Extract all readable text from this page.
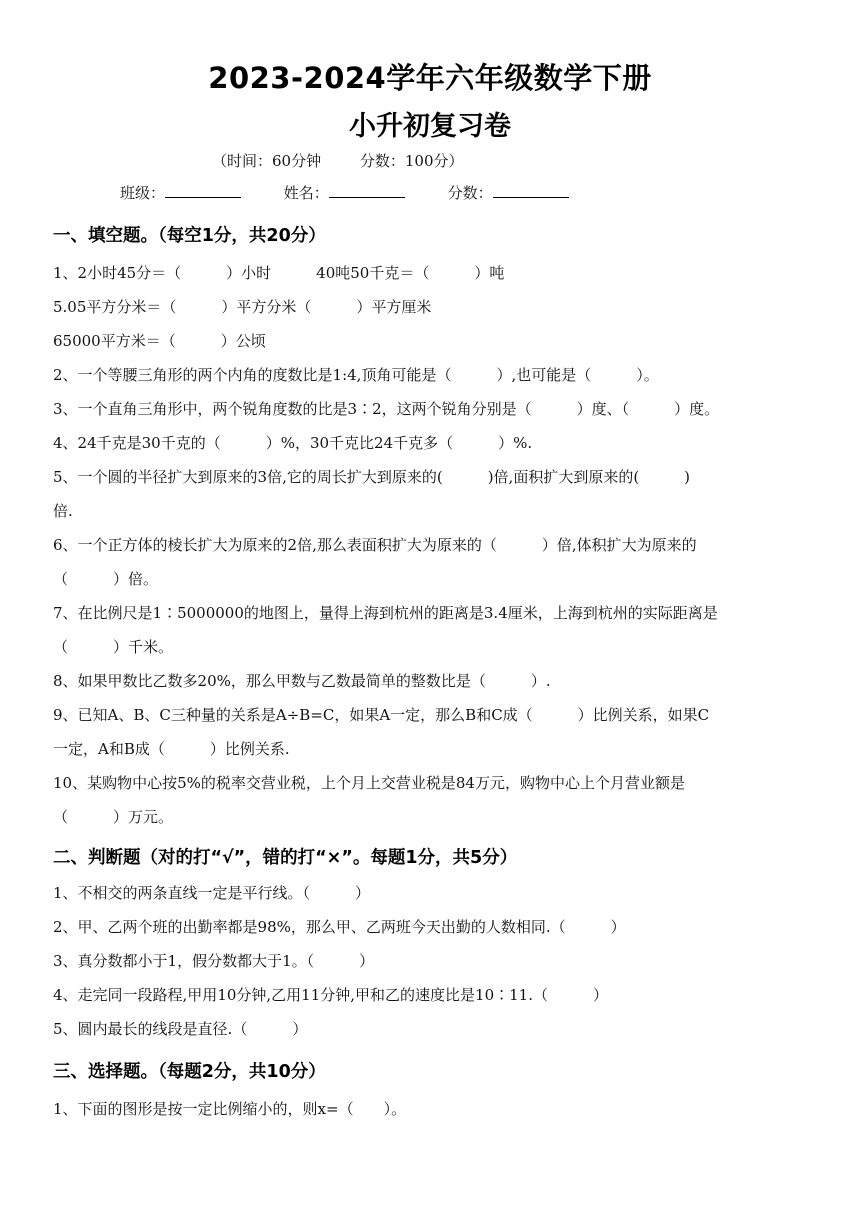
2023-2024学年六年级数学下册
小升初复习卷
（时间：60分钟	分数：100分）
班级：	姓名：	分数：
一、填空题。（每空1分，共20分）
1、2小时45分＝（　　　）小时　　　40吨50千克＝（　　　）吨
5.05平方分米＝（　　　）平方分米（　　　）平方厘米
65000平方米＝（　　　）公顷
2、一个等腰三角形的两个内角的度数比是1:4,顶角可能是（　　　）,也可能是（　　　）。
3、一个直角三角形中，两个锐角度数的比是3∶2，这两个锐角分别是（　　　）度、（　　　）度。
4、24千克是30千克的（　　　）%，30千克比24千克多（　　　）%.
5、一个圆的半径扩大到原来的3倍,它的周长扩大到原来的(　　　)倍,面积扩大到原来的(　　　)
倍.
6、一个正方体的棱长扩大为原来的2倍,那么表面积扩大为原来的（　　　）倍,体积扩大为原来的
（　　　）倍。
7、在比例尺是1∶5000000的地图上，量得上海到杭州的距离是3.4厘米，上海到杭州的实际距离是
（　　　）千米。
8、如果甲数比乙数多20%，那么甲数与乙数最简单的整数比是（　　　）.
9、已知A、B、C三种量的关系是A÷B=C，如果A一定，那么B和C成（　　　）比例关系，如果C
一定，A和B成（　　　）比例关系.
10、某购物中心按5%的税率交营业税，上个月上交营业税是84万元，购物中心上个月营业额是
（　　　）万元。
二、判断题（对的打“√”，错的打“×”。每题1分，共5分）
1、不相交的两条直线一定是平行线。（　　　）
2、甲、乙两个班的出勤率都是98%，那么甲、乙两班今天出勤的人数相同.（　　　）
3、真分数都小于1，假分数都大于1。（　　　）
4、走完同一段路程,甲用10分钟,乙用11分钟,甲和乙的速度比是10∶11.（　　　）
5、圆内最长的线段是直径.（　　　）
三、选择题。（每题2分，共10分）
1、下面的图形是按一定比例缩小的，则x=（　　）。
